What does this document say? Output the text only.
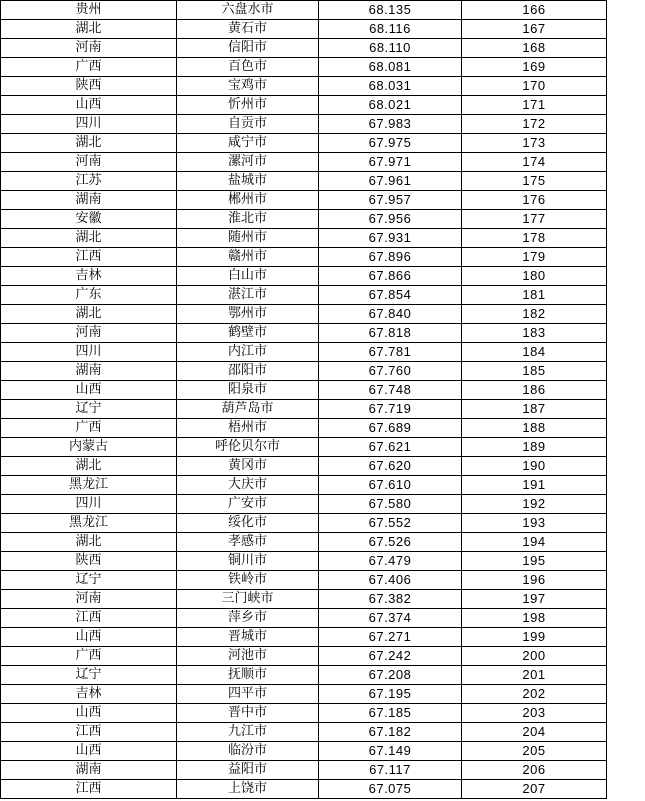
贵州	六盘水市	68.135	166
湖北	黄石市	68.116	167
河南	信阳市	68.110	168
广西	百色市	68.081	169
陕西	宝鸡市	68.031	170
山西	忻州市	68.021	171
四川	自贡市	67.983	172
湖北	咸宁市	67.975	173
河南	漯河市	67.971	174
江苏	盐城市	67.961	175
湖南	郴州市	67.957	176
安徽	淮北市	67.956	177
湖北	随州市	67.931	178
江西	赣州市	67.896	179
吉林	白山市	67.866	180
广东	湛江市	67.854	181
湖北	鄂州市	67.840	182
河南	鹤壁市	67.818	183
四川	内江市	67.781	184
湖南	邵阳市	67.760	185
山西	阳泉市	67.748	186
辽宁	葫芦岛市	67.719	187
广西	梧州市	67.689	188
内蒙古	呼伦贝尔市	67.621	189
湖北	黄冈市	67.620	190
黑龙江	大庆市	67.610	191
四川	广安市	67.580	192
黑龙江	绥化市	67.552	193
湖北	孝感市	67.526	194
陕西	铜川市	67.479	195
辽宁	铁岭市	67.406	196
河南	三门峡市	67.382	197
江西	萍乡市	67.374	198
山西	晋城市	67.271	199
广西	河池市	67.242	200
辽宁	抚顺市	67.208	201
吉林	四平市	67.195	202
山西	晋中市	67.185	203
江西	九江市	67.182	204
山西	临汾市	67.149	205
湖南	益阳市	67.117	206
江西	上饶市	67.075	207
